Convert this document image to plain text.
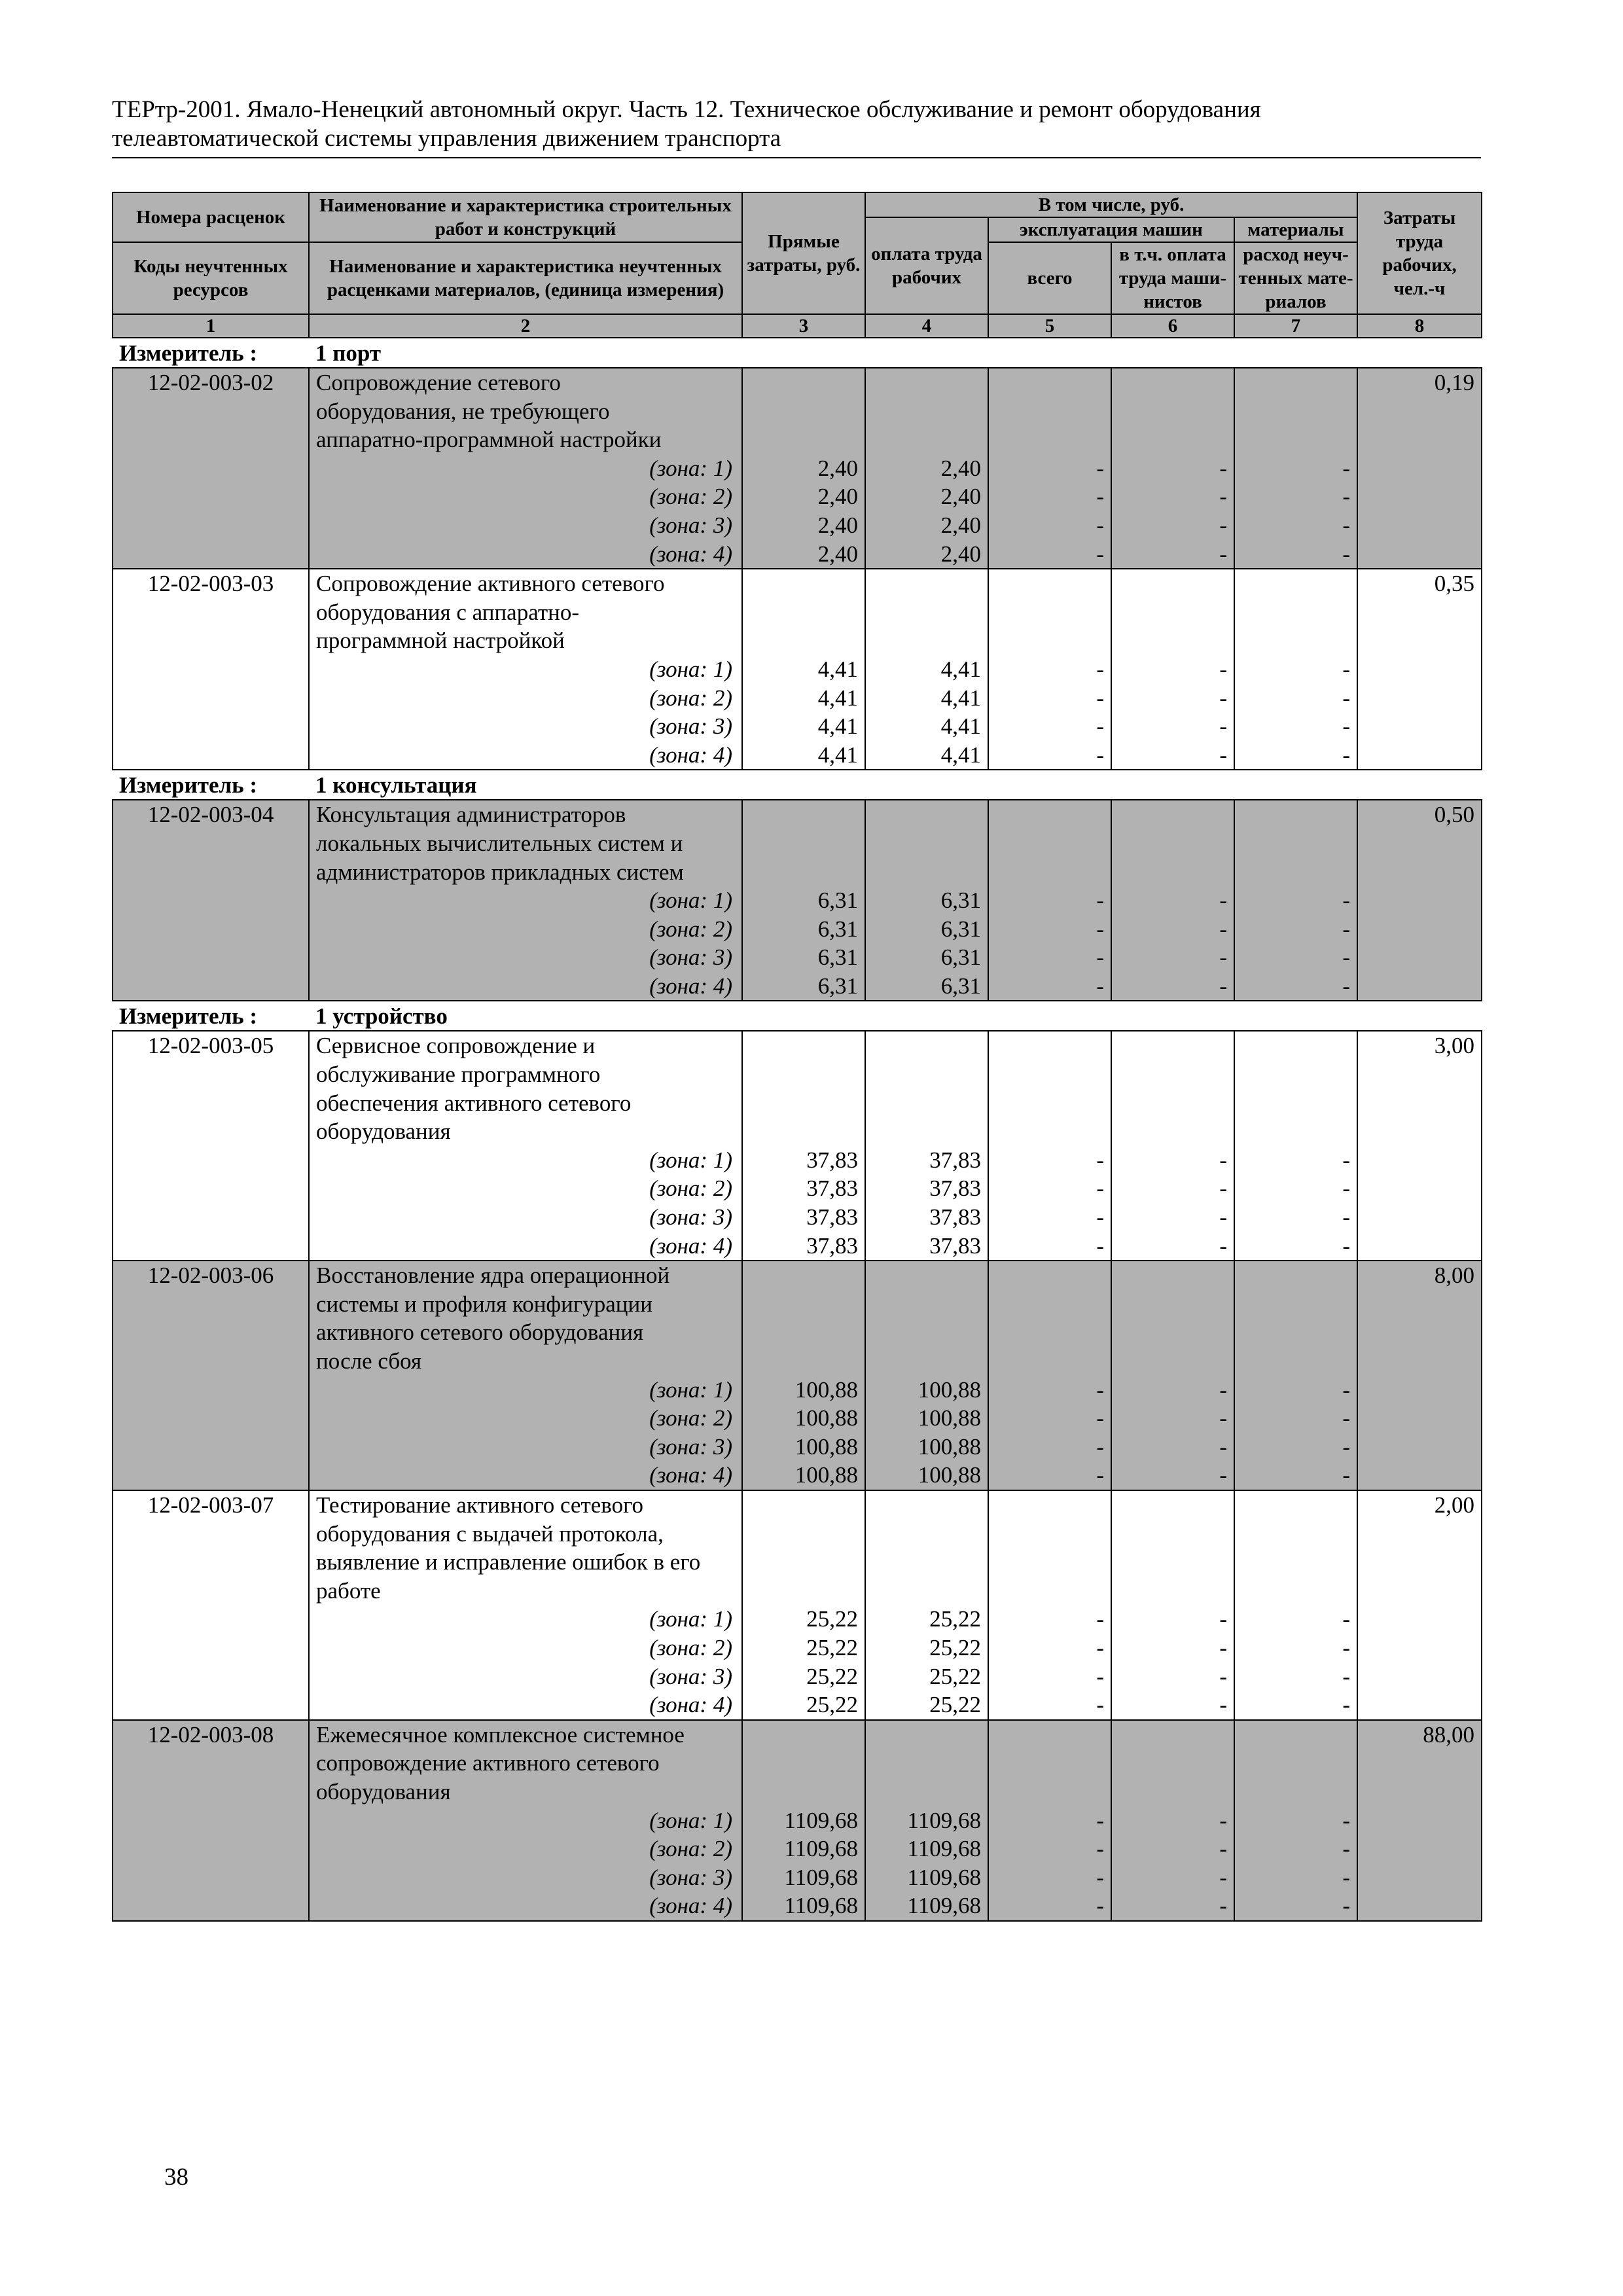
ТЕРтр-2001. Ямало-Ненецкий автономный округ. Часть 12. Техническое обслуживание и ремонт оборудования
телеавтоматической системы управления движением транспорта
Номера расценок	Наименование и характеристика строительных работ и конструкций	Прямые затраты, руб.	В том числе, руб.				Затраты труда рабочих, чел.-ч
			оплата труда рабочих	эксплуатация машин		материалы	
Коды неучтенных ресурсов	Наименование и характеристика неучтенных расценками материалов, (единица измерения)			всего	в т.ч. оплата труда маши-нистов	расход неуч-тенных мате-риалов	

1	2	3	4	5	6	7	8
Измеритель :	1 порт						
12-02-003-02	Сопровождение сетевого						0,19
	оборудования, не требующего						
	аппаратно-программной настройки						
	(зона: 1)	2,40	2,40	-	-	-	
	(зона: 2)	2,40	2,40	-	-	-	
	(зона: 3)	2,40	2,40	-	-	-	
	(зона: 4)	2,40	2,40	-	-	-	
12-02-003-03	Сопровождение активного сетевого						0,35
	оборудования с аппаратно-						
	программной настройкой						
	(зона: 1)	4,41	4,41	-	-	-	
	(зона: 2)	4,41	4,41	-	-	-	
	(зона: 3)	4,41	4,41	-	-	-	
	(зона: 4)	4,41	4,41	-	-	-	
Измеритель :	1 консультация						
12-02-003-04	Консультация администраторов						0,50
	локальных вычислительных систем и						
	администраторов прикладных систем						
	(зона: 1)	6,31	6,31	-	-	-	
	(зона: 2)	6,31	6,31	-	-	-	
	(зона: 3)	6,31	6,31	-	-	-	
	(зона: 4)	6,31	6,31	-	-	-	
Измеритель :	1 устройство						
12-02-003-05	Сервисное сопровождение и						3,00
	обслуживание программного						
	обеспечения активного сетевого						
	оборудования						
	(зона: 1)	37,83	37,83	-	-	-	
	(зона: 2)	37,83	37,83	-	-	-	
	(зона: 3)	37,83	37,83	-	-	-	
	(зона: 4)	37,83	37,83	-	-	-	
12-02-003-06	Восстановление ядра операционной						8,00
	системы и профиля конфигурации						
	активного сетевого оборудования						
	после сбоя						
	(зона: 1)	100,88	100,88	-	-	-	
	(зона: 2)	100,88	100,88	-	-	-	
	(зона: 3)	100,88	100,88	-	-	-	
	(зона: 4)	100,88	100,88	-	-	-	
12-02-003-07	Тестирование активного сетевого						2,00
	оборудования с выдачей протокола,						
	выявление и исправление ошибок в его						
	работе						
	(зона: 1)	25,22	25,22	-	-	-	
	(зона: 2)	25,22	25,22	-	-	-	
	(зона: 3)	25,22	25,22	-	-	-	
	(зона: 4)	25,22	25,22	-	-	-	
12-02-003-08	Ежемесячное комплексное системное						88,00
	сопровождение активного сетевого						
	оборудования						
	(зона: 1)	1109,68	1109,68	-	-	-	
	(зона: 2)	1109,68	1109,68	-	-	-	
	(зона: 3)	1109,68	1109,68	-	-	-	
	(зона: 4)	1109,68	1109,68	-	-	-	
38
